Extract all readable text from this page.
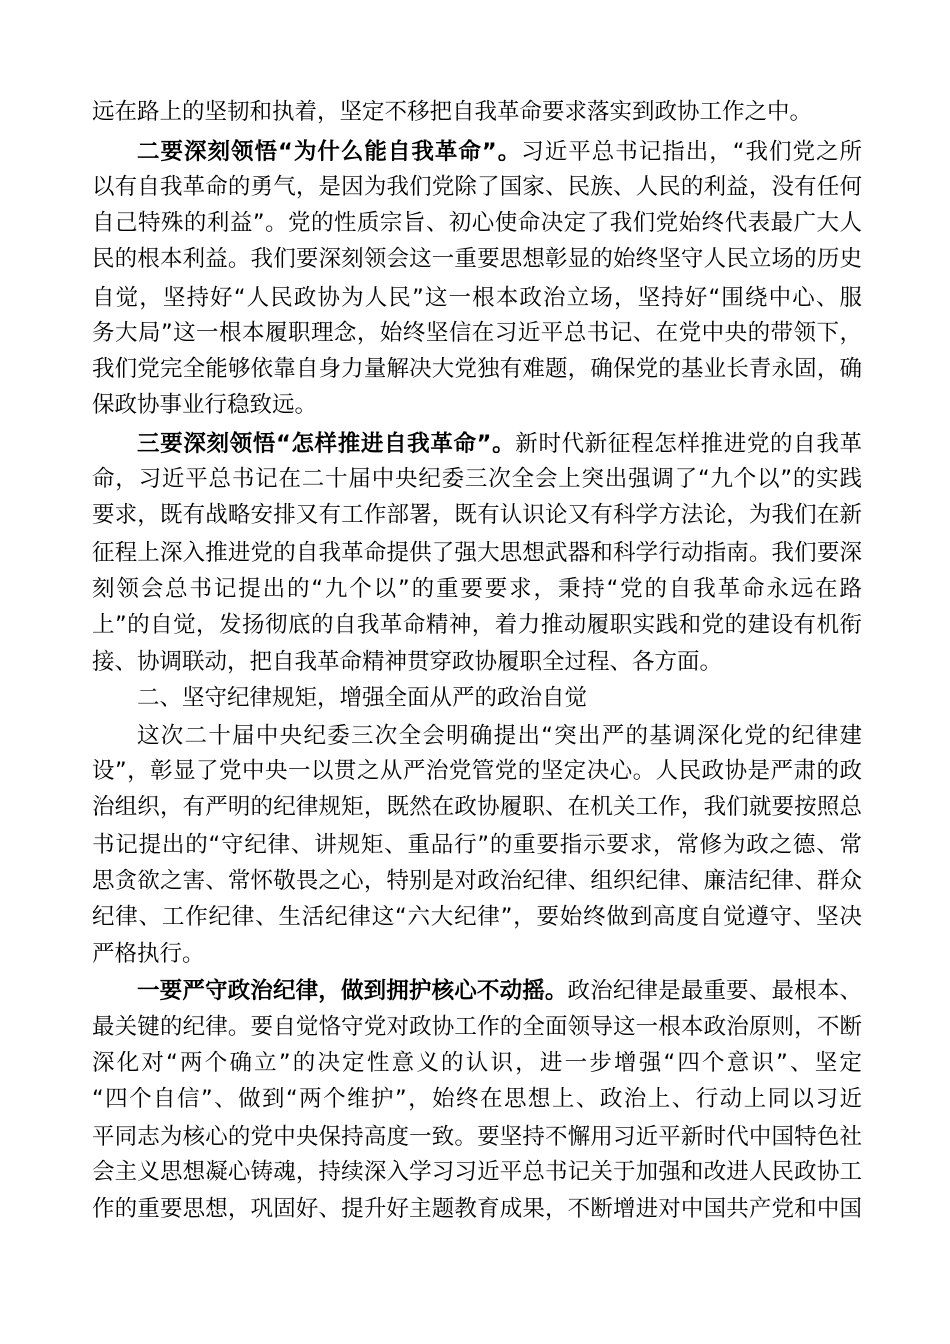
远在路上的坚韧和执着，坚定不移把自我革命要求落实到政协工作之中。
二要深刻领悟“为什么能自我革命”。习近平总书记指出，“我们党之所
以有自我革命的勇气，是因为我们党除了国家、民族、人民的利益，没有任何
自己特殊的利益”。党的性质宗旨、初心使命决定了我们党始终代表最广大人
民的根本利益。我们要深刻领会这一重要思想彰显的始终坚守人民立场的历史
自觉，坚持好“人民政协为人民”这一根本政治立场，坚持好“围绕中心、服
务大局”这一根本履职理念，始终坚信在习近平总书记、在党中央的带领下，
我们党完全能够依靠自身力量解决大党独有难题，确保党的基业长青永固，确
保政协事业行稳致远。
三要深刻领悟“怎样推进自我革命”。新时代新征程怎样推进党的自我革
命，习近平总书记在二十届中央纪委三次全会上突出强调了“九个以”的实践
要求，既有战略安排又有工作部署，既有认识论又有科学方法论，为我们在新
征程上深入推进党的自我革命提供了强大思想武器和科学行动指南。我们要深
刻领会总书记提出的“九个以”的重要要求，秉持“党的自我革命永远在路
上”的自觉，发扬彻底的自我革命精神，着力推动履职实践和党的建设有机衔
接、协调联动，把自我革命精神贯穿政协履职全过程、各方面。
二、坚守纪律规矩，增强全面从严的政治自觉
这次二十届中央纪委三次全会明确提出“突出严的基调深化党的纪律建
设”，彰显了党中央一以贯之从严治党管党的坚定决心。人民政协是严肃的政
治组织，有严明的纪律规矩，既然在政协履职、在机关工作，我们就要按照总
书记提出的“守纪律、讲规矩、重品行”的重要指示要求，常修为政之德、常
思贪欲之害、常怀敬畏之心，特别是对政治纪律、组织纪律、廉洁纪律、群众
纪律、工作纪律、生活纪律这“六大纪律”，要始终做到高度自觉遵守、坚决
严格执行。
一要严守政治纪律，做到拥护核心不动摇。政治纪律是最重要、最根本、
最关键的纪律。要自觉恪守党对政协工作的全面领导这一根本政治原则，不断
深化对“两个确立”的决定性意义的认识，进一步增强“四个意识”、坚定
“四个自信”、做到“两个维护”，始终在思想上、政治上、行动上同以习近
平同志为核心的党中央保持高度一致。要坚持不懈用习近平新时代中国特色社
会主义思想凝心铸魂，持续深入学习习近平总书记关于加强和改进人民政协工
作的重要思想，巩固好、提升好主题教育成果，不断增进对中国共产党和中国
